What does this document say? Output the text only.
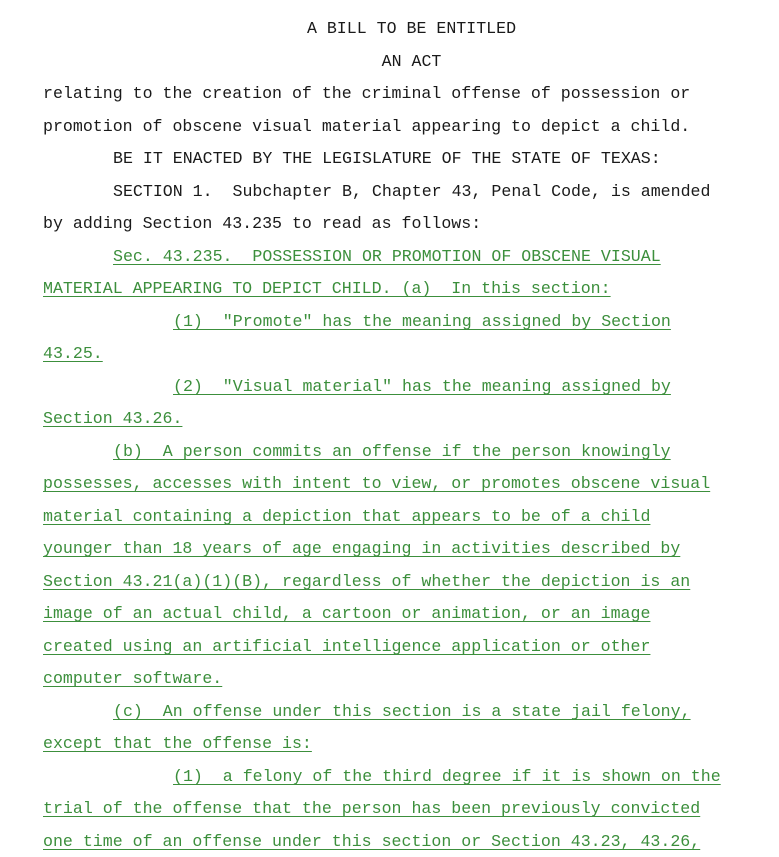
A BILL TO BE ENTITLED
AN ACT
relating to the creation of the criminal offense of possession or
promotion of obscene visual material appearing to depict a child.
BE IT ENACTED BY THE LEGISLATURE OF THE STATE OF TEXAS:
SECTION 1.  Subchapter B, Chapter 43, Penal Code, is amended
by adding Section 43.235 to read as follows:
Sec. 43.235.  POSSESSION OR PROMOTION OF OBSCENE VISUAL
MATERIAL APPEARING TO DEPICT CHILD. (a)  In this section:
(1)  "Promote" has the meaning assigned by Section
43.25.
(2)  "Visual material" has the meaning assigned by
Section 43.26.
(b)  A person commits an offense if the person knowingly
possesses, accesses with intent to view, or promotes obscene visual
material containing a depiction that appears to be of a child
younger than 18 years of age engaging in activities described by
Section 43.21(a)(1)(B), regardless of whether the depiction is an
image of an actual child, a cartoon or animation, or an image
created using an artificial intelligence application or other
computer software.
(c)  An offense under this section is a state jail felony,
except that the offense is:
(1)  a felony of the third degree if it is shown on the
trial of the offense that the person has been previously convicted
one time of an offense under this section or Section 43.23, 43.26,
